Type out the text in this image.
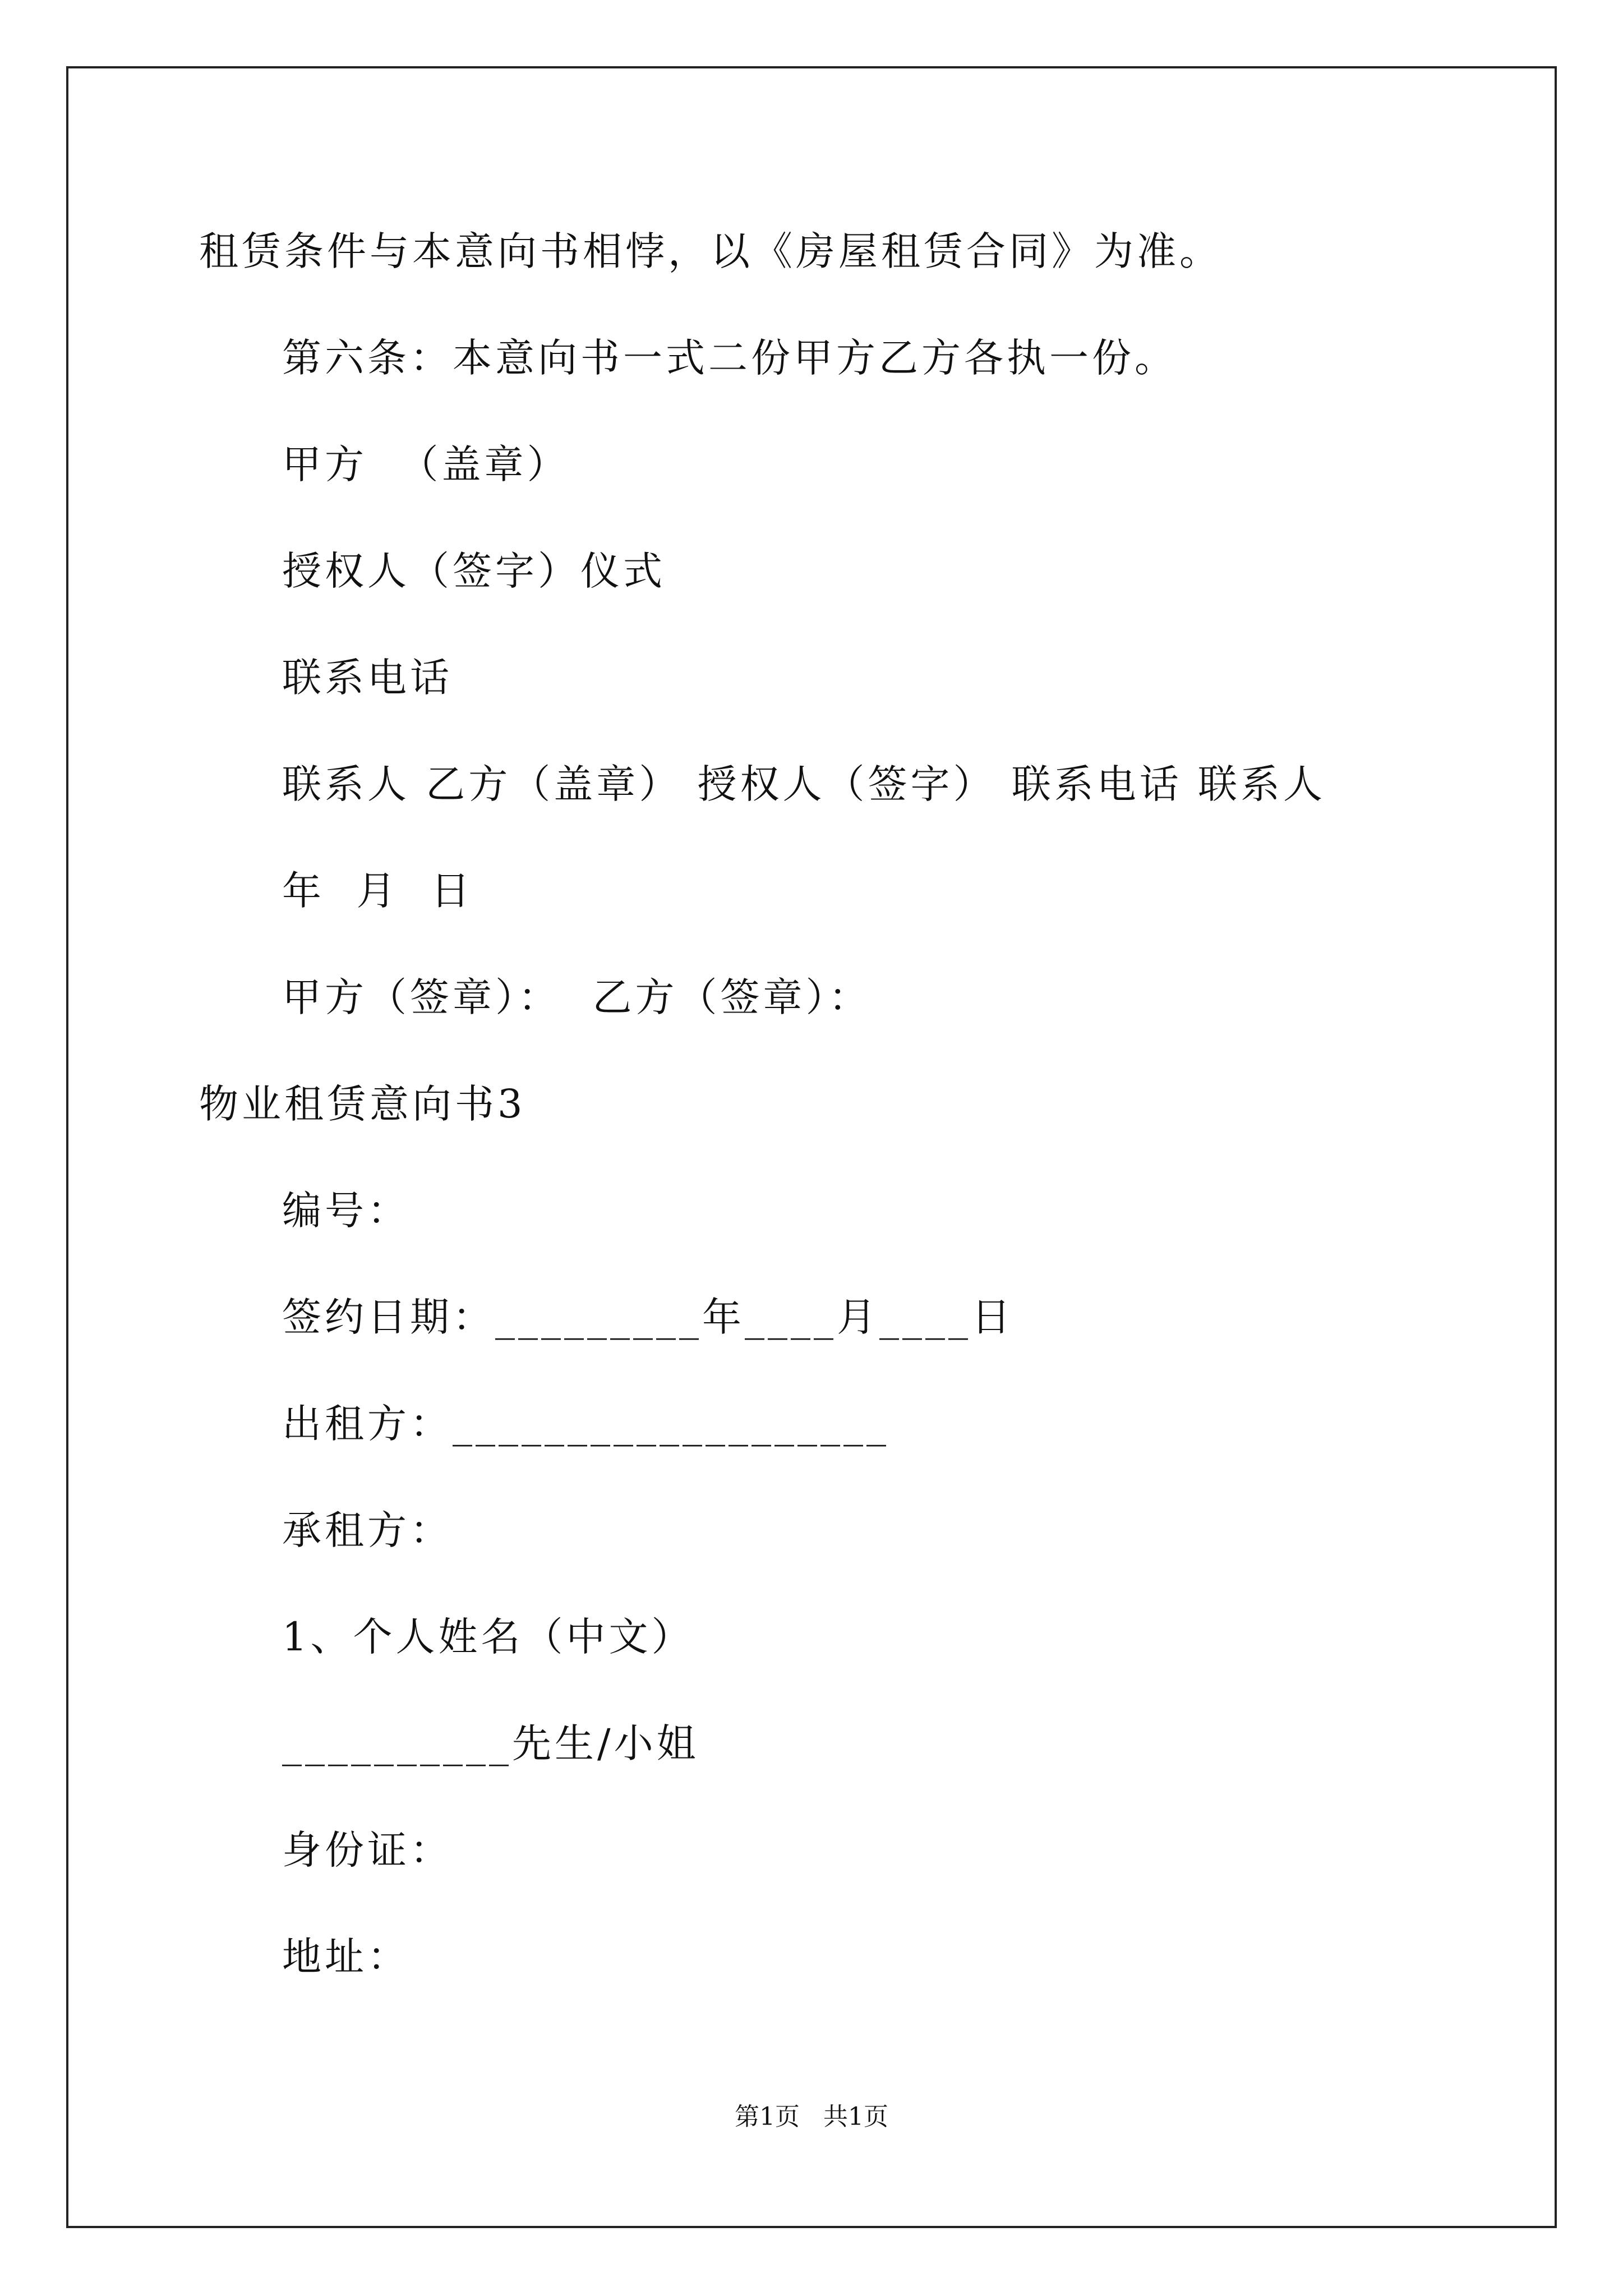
租赁条件与本意向书相悖，以《房屋租赁合同》为准。
第六条：本意向书一式二份甲方乙方各执一份。
甲方  （盖章）
授权人（签字）仪式
联系电话
联系人 乙方（盖章） 授权人（签字） 联系电话 联系人
年  月  日
甲方（签章）：  乙方（签章）：
物业租赁意向书3
编号：
签约日期：_________年____月____日
出租方：___________________
承租方：
1、个人姓名（中文）
__________先生/小姐
身份证：
地址：
第1页   共1页
